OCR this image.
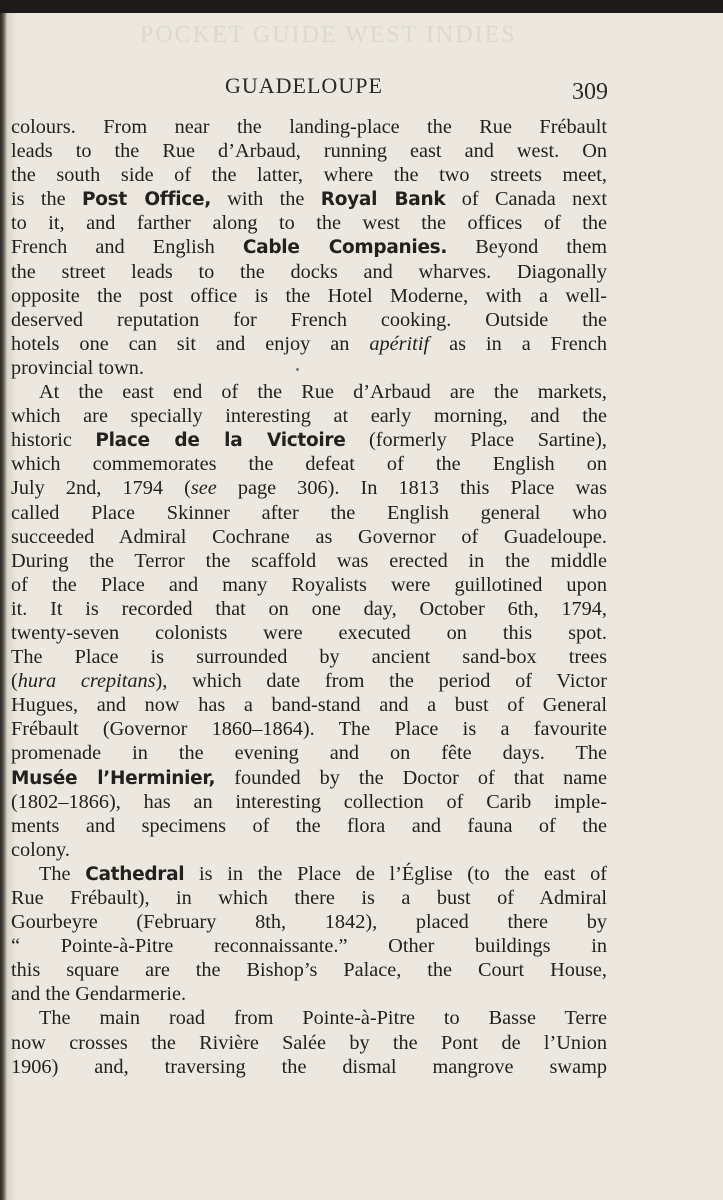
POCKET GUIDE WEST INDIES
GUADELOUPE	309
colours. From near the landing-place the Rue Frébault
leads to the Rue d’Arbaud, running east and west. On
the south side of the latter, where the two streets meet,
is the Post Office, with the Royal Bank of Canada next
to it, and farther along to the west the offices of the
French and English Cable Companies. Beyond them
the street leads to the docks and wharves. Diagonally
opposite the post office is the Hotel Moderne, with a well-
deserved reputation for French cooking. Outside the
hotels one can sit and enjoy an apéritif as in a French
provincial town.
At the east end of the Rue d’Arbaud are the markets,
which are specially interesting at early morning, and the
historic Place de la Victoire (formerly Place Sartine),
which commemorates the defeat of the English on
July 2nd, 1794 (see page 306). In 1813 this Place was
called Place Skinner after the English general who
succeeded Admiral Cochrane as Governor of Guadeloupe.
During the Terror the scaffold was erected in the middle
of the Place and many Royalists were guillotined upon
it. It is recorded that on one day, October 6th, 1794,
twenty-seven colonists were executed on this spot.
The Place is surrounded by ancient sand-box trees
(hura crepitans), which date from the period of Victor
Hugues, and now has a band-stand and a bust of General
Frébault (Governor 1860–1864). The Place is a favourite
promenade in the evening and on fête days. The
Musée l’Herminier, founded by the Doctor of that name
(1802–1866), has an interesting collection of Carib imple-
ments and specimens of the flora and fauna of the
colony.
The Cathedral is in the Place de l’Église (to the east of
Rue Frébault), in which there is a bust of Admiral
Gourbeyre (February 8th, 1842), placed there by
“ Pointe-à-Pitre reconnaissante.” Other buildings in
this square are the Bishop’s Palace, the Court House,
and the Gendarmerie.
The main road from Pointe-à-Pitre to Basse Terre
now crosses the Rivière Salée by the Pont de l’Union
1906) and, traversing the dismal mangrove swamp
